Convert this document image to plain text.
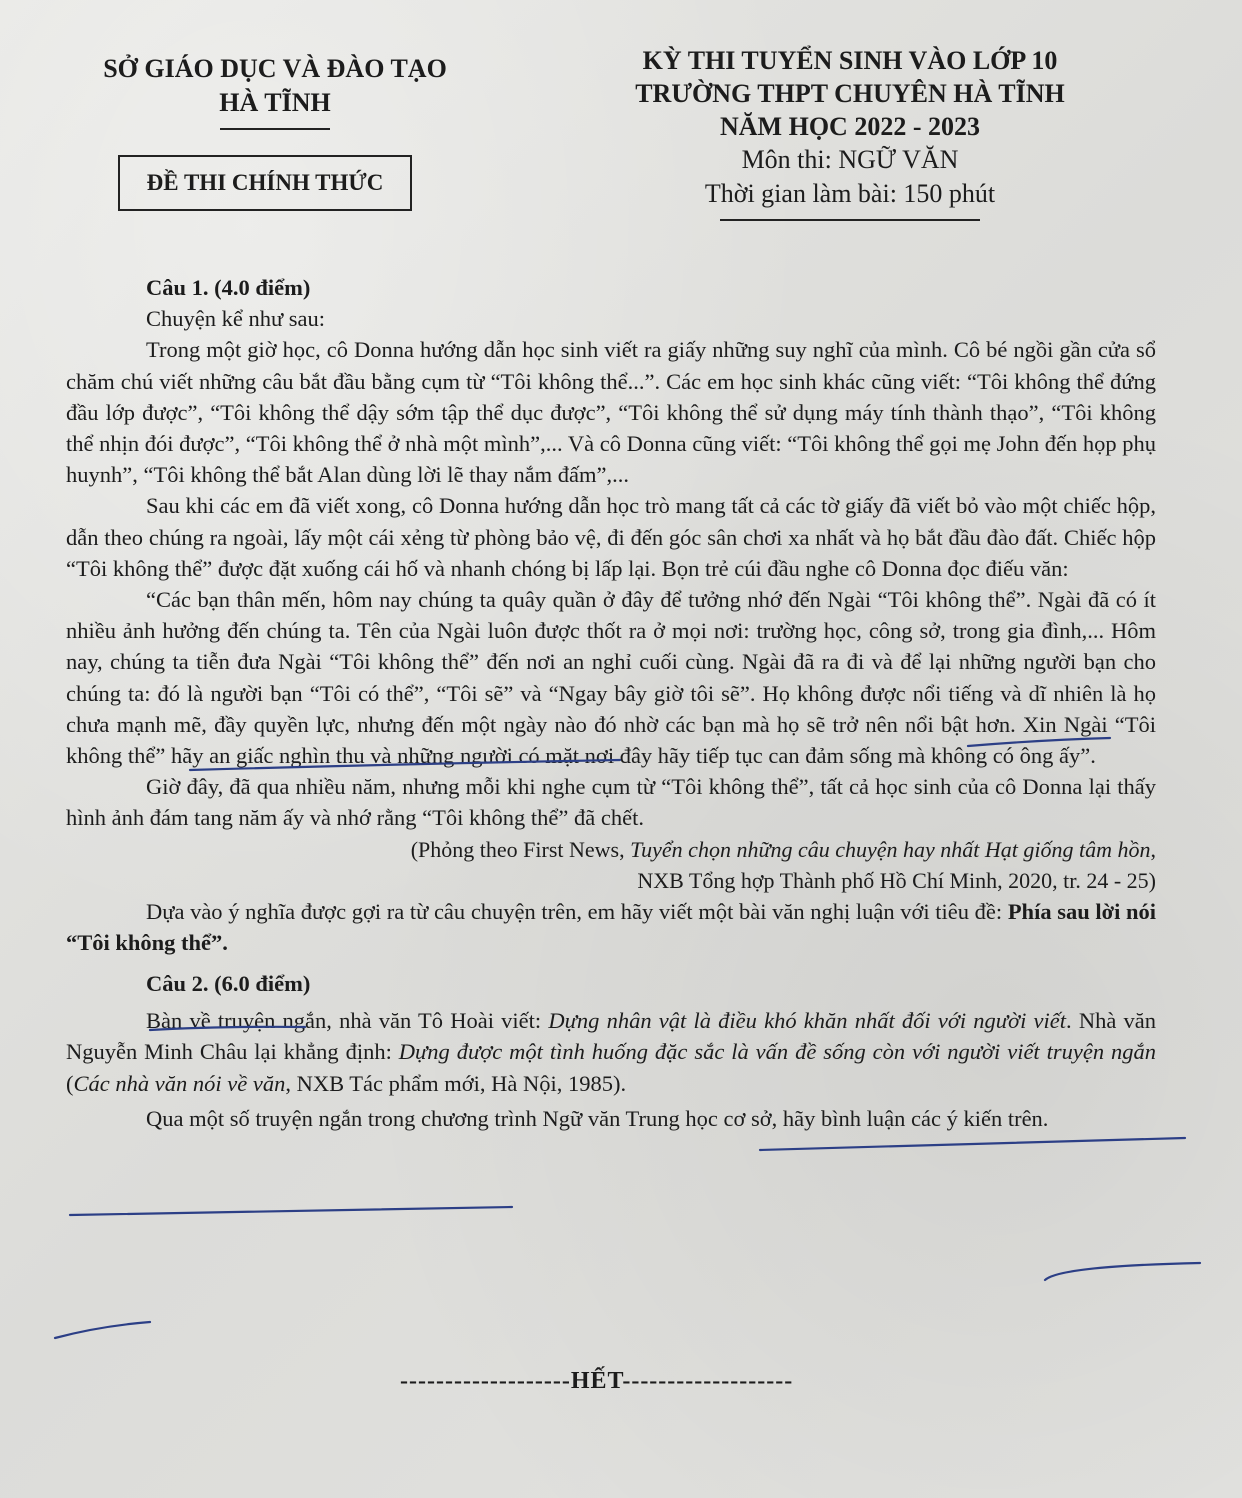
SỞ GIÁO DỤC VÀ ĐÀO TẠO
HÀ TĨNH
ĐỀ THI CHÍNH THỨC
KỲ THI TUYỂN SINH VÀO LỚP 10
TRƯỜNG THPT CHUYÊN HÀ TĨNH
NĂM HỌC 2022 - 2023
Môn thi: NGỮ VĂN
Thời gian làm bài: 150 phút
Câu 1. (4.0 điểm)

Chuyện kể như sau:

Trong một giờ học, cô Donna hướng dẫn học sinh viết ra giấy những suy nghĩ của mình. Cô bé ngồi gần cửa sổ chăm chú viết những câu bắt đầu bằng cụm từ “Tôi không thể...”. Các em học sinh khác cũng viết: “Tôi không thể đứng đầu lớp được”, “Tôi không thể dậy sớm tập thể dục được”, “Tôi không thể sử dụng máy tính thành thạo”, “Tôi không thể nhịn đói được”, “Tôi không thể ở nhà một mình”,... Và cô Donna cũng viết: “Tôi không thể gọi mẹ John đến họp phụ huynh”, “Tôi không thể bắt Alan dùng lời lẽ thay nắm đấm”,...

Sau khi các em đã viết xong, cô Donna hướng dẫn học trò mang tất cả các tờ giấy đã viết bỏ vào một chiếc hộp, dẫn theo chúng ra ngoài, lấy một cái xẻng từ phòng bảo vệ, đi đến góc sân chơi xa nhất và họ bắt đầu đào đất. Chiếc hộp “Tôi không thể” được đặt xuống cái hố và nhanh chóng bị lấp lại. Bọn trẻ cúi đầu nghe cô Donna đọc điếu văn:

“Các bạn thân mến, hôm nay chúng ta quây quần ở đây để tưởng nhớ đến Ngài “Tôi không thể”. Ngài đã có ít nhiều ảnh hưởng đến chúng ta. Tên của Ngài luôn được thốt ra ở mọi nơi: trường học, công sở, trong gia đình,... Hôm nay, chúng ta tiễn đưa Ngài “Tôi không thể” đến nơi an nghỉ cuối cùng. Ngài đã ra đi và để lại những người bạn cho chúng ta: đó là người bạn “Tôi có thể”, “Tôi sẽ” và “Ngay bây giờ tôi sẽ”. Họ không được nổi tiếng và dĩ nhiên là họ chưa mạnh mẽ, đầy quyền lực, nhưng đến một ngày nào đó nhờ các bạn mà họ sẽ trở nên nổi bật hơn. Xin Ngài “Tôi không thể” hãy an giấc nghìn thu và những người có mặt nơi đây hãy tiếp tục can đảm sống mà không có ông ấy”.

Giờ đây, đã qua nhiều năm, nhưng mỗi khi nghe cụm từ “Tôi không thể”, tất cả học sinh của cô Donna lại thấy hình ảnh đám tang năm ấy và nhớ rằng “Tôi không thể” đã chết.

(Phỏng theo First News, Tuyển chọn những câu chuyện hay nhất Hạt giống tâm hồn,
NXB Tổng hợp Thành phố Hồ Chí Minh, 2020, tr. 24 - 25)

Dựa vào ý nghĩa được gợi ra từ câu chuyện trên, em hãy viết một bài văn nghị luận với tiêu đề: Phía sau lời nói “Tôi không thể”.

Câu 2. (6.0 điểm)

Bàn về truyện ngắn, nhà văn Tô Hoài viết: Dựng nhân vật là điều khó khăn nhất đối với người viết. Nhà văn Nguyễn Minh Châu lại khẳng định: Dựng được một tình huống đặc sắc là vấn đề sống còn với người viết truyện ngắn (Các nhà văn nói về văn, NXB Tác phẩm mới, Hà Nội, 1985).

Qua một số truyện ngắn trong chương trình Ngữ văn Trung học cơ sở, hãy bình luận các ý kiến trên.

-------------------HẾT-------------------
